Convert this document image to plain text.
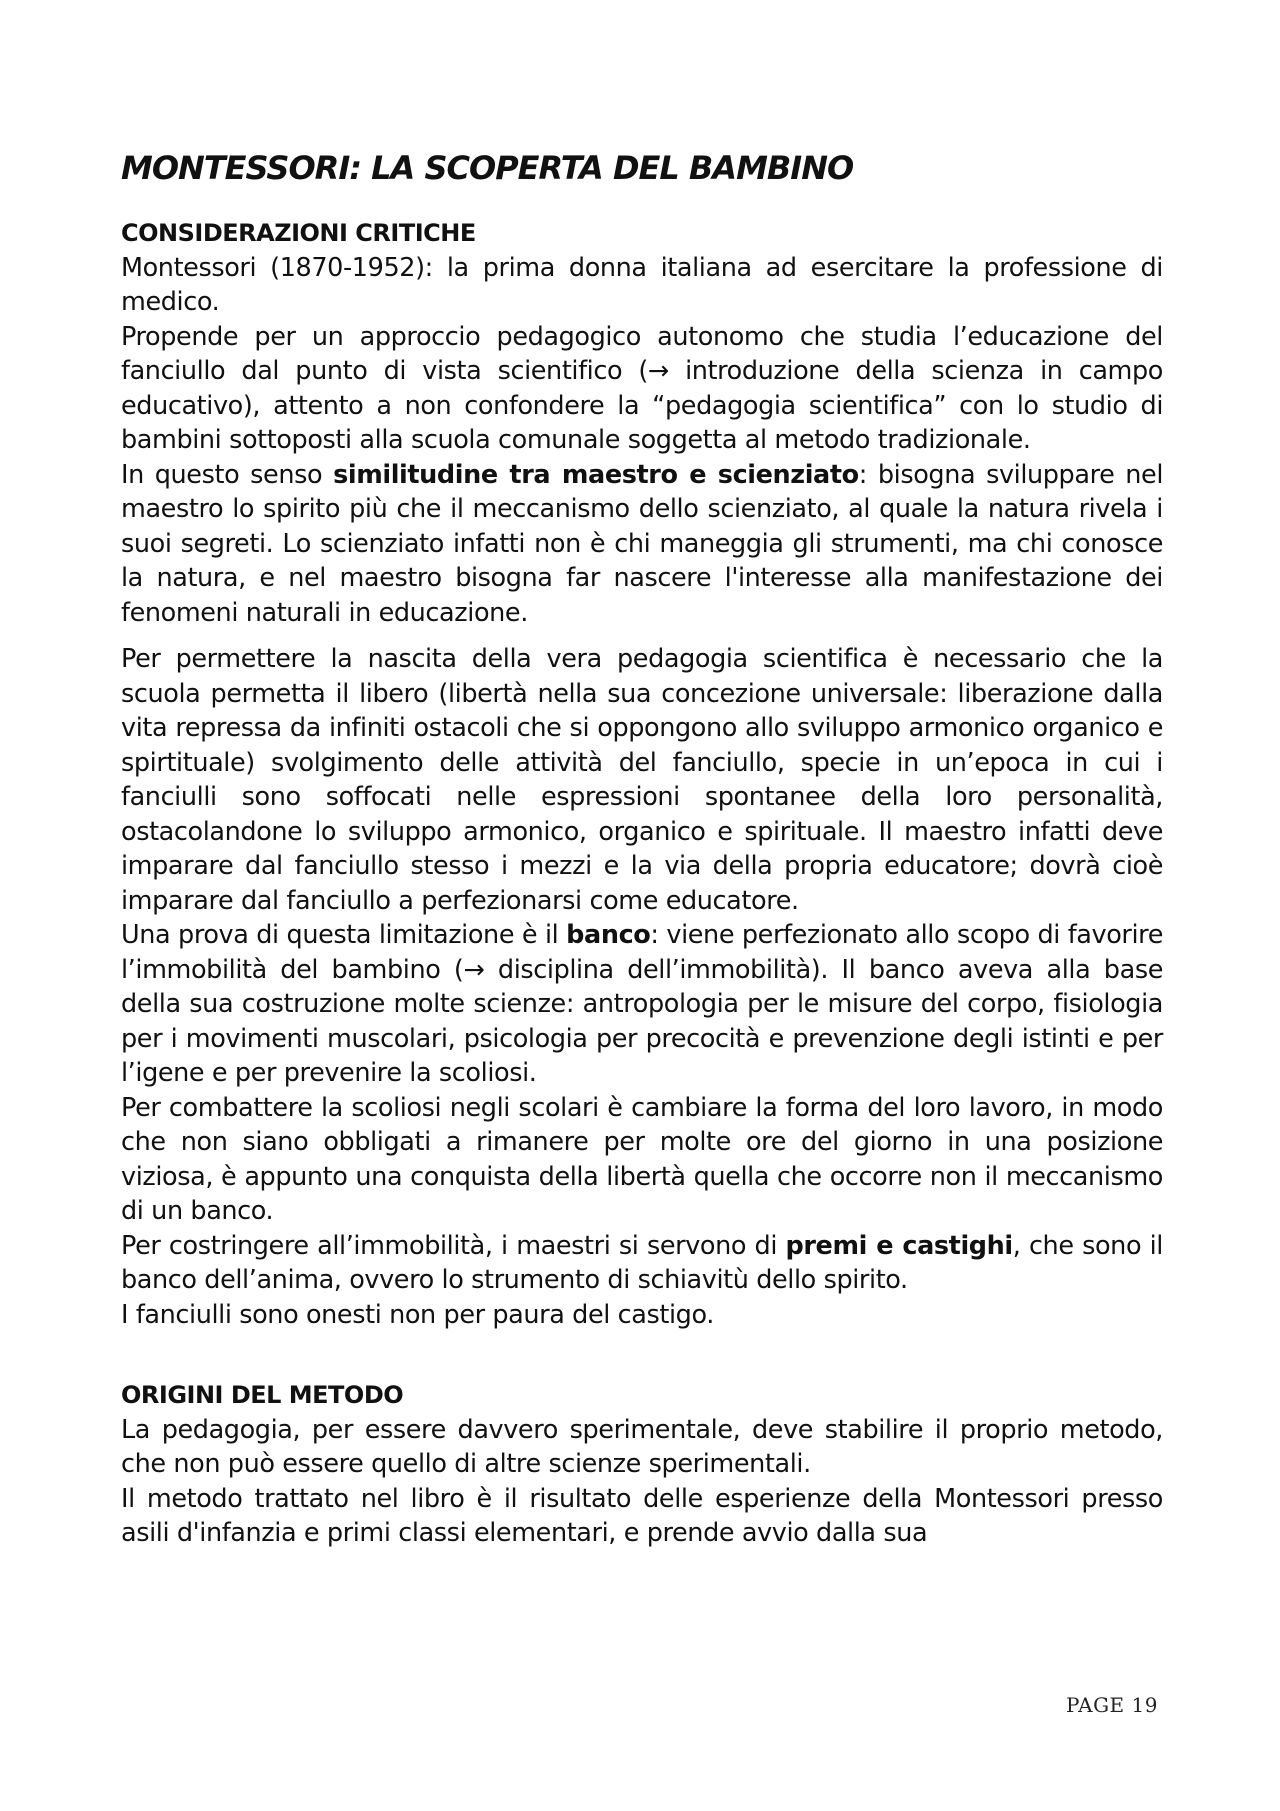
MONTESSORI: LA SCOPERTA DEL BAMBINO
CONSIDERAZIONI CRITICHE

Montessori (1870-1952): la prima donna italiana ad esercitare la professione di medico.

Propende per un approccio pedagogico autonomo che studia l’educazione del fanciullo dal punto di vista scientifico (→ introduzione della scienza in campo educativo), attento a non confondere la “pedagogia scientifica” con lo studio di bambini sottoposti alla scuola comunale soggetta al metodo tradizionale.

In questo senso similitudine tra maestro e scienziato: bisogna sviluppare nel maestro lo spirito più che il meccanismo dello scienziato, al quale la natura rivela i suoi segreti. Lo scienziato infatti non è chi maneggia gli strumenti, ma chi conosce la natura, e nel maestro bisogna far nascere l'interesse alla manifestazione dei fenomeni naturali in educazione.

Per permettere la nascita della vera pedagogia scientifica è necessario che la scuola permetta il libero (libertà nella sua concezione universale: liberazione dalla vita repressa da infiniti ostacoli che si oppongono allo sviluppo armonico organico e spirtituale) svolgimento delle attività del fanciullo, specie in un’epoca in cui i fanciulli sono soffocati nelle espressioni spontanee della loro personalità, ostacolandone lo sviluppo armonico, organico e spirituale. Il maestro infatti deve imparare dal fanciullo stesso i mezzi e la via della propria educatore; dovrà cioè imparare dal fanciullo a perfezionarsi come educatore.

Una prova di questa limitazione è il banco: viene perfezionato allo scopo di favorire l’immobilità del bambino (→ disciplina dell’immobilità). Il banco aveva alla base della sua costruzione molte scienze: antropologia per le misure del corpo, fisiologia per i movimenti muscolari, psicologia per precocità e prevenzione degli istinti e per l’igene e per prevenire la scoliosi.

Per combattere la scoliosi negli scolari è cambiare la forma del loro lavoro, in modo che non siano obbligati a rimanere per molte ore del giorno in una posizione viziosa, è appunto una conquista della libertà quella che occorre non il meccanismo di un banco.

Per costringere all’immobilità, i maestri si servono di premi e castighi, che sono il banco dell’anima, ovvero lo strumento di schiavitù dello spirito.

I fanciulli sono onesti non per paura del castigo.

ORIGINI DEL METODO

La pedagogia, per essere davvero sperimentale, deve stabilire il proprio metodo, che non può essere quello di altre scienze sperimentali.

Il metodo trattato nel libro è il risultato delle esperienze della Montessori presso asili d'infanzia e primi classi elementari, e prende avvio dalla sua

PAGE 19
